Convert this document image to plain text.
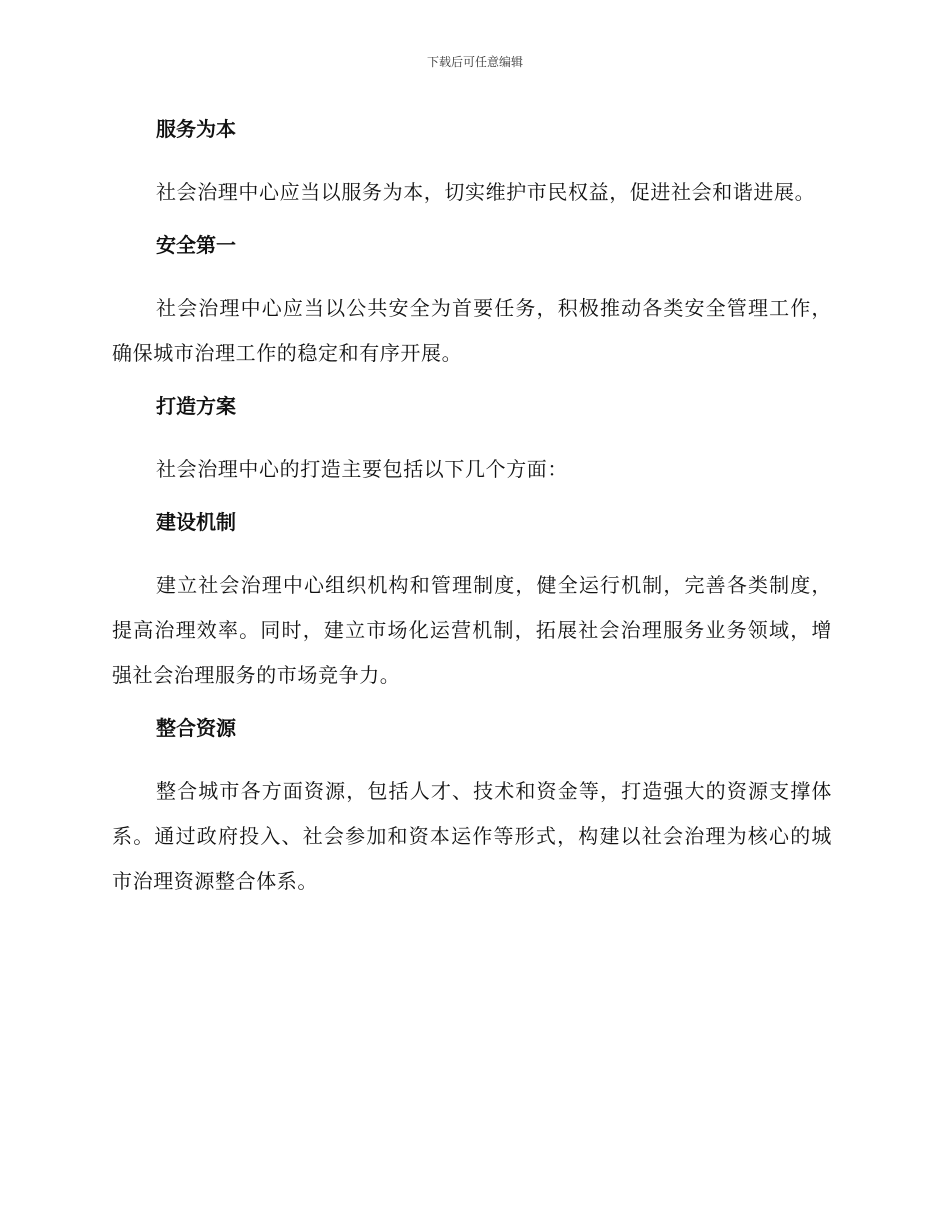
下载后可任意编辑
服务为本
社会治理中心应当以服务为本，切实维护市民权益，促进社会和谐进展。
安全第一
社会治理中心应当以公共安全为首要任务，积极推动各类安全管理工作，确保城市治理工作的稳定和有序开展。
打造方案
社会治理中心的打造主要包括以下几个方面：
建设机制
建立社会治理中心组织机构和管理制度，健全运行机制，完善各类制度，提高治理效率。同时，建立市场化运营机制，拓展社会治理服务业务领域，增强社会治理服务的市场竞争力。
整合资源
整合城市各方面资源，包括人才、技术和资金等，打造强大的资源支撑体系。通过政府投入、社会参加和资本运作等形式，构建以社会治理为核心的城市治理资源整合体系。
